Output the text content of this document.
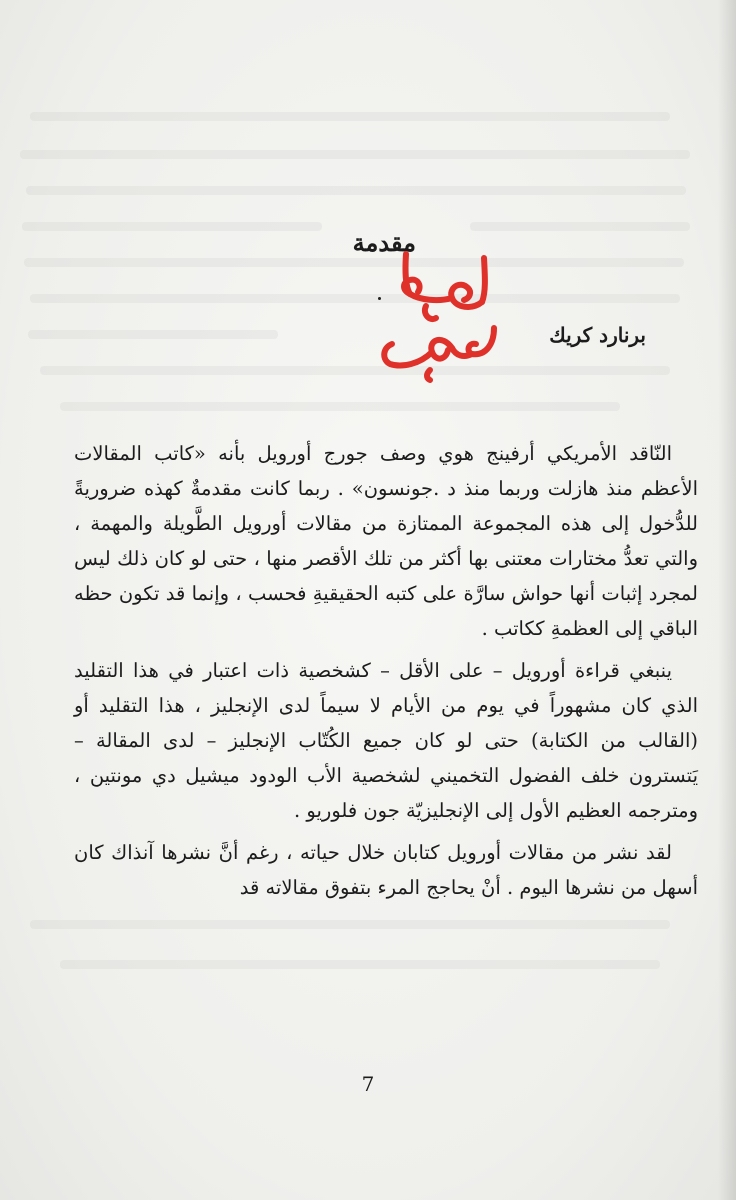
مقدمة
برنارد كريك

النّاقد الأمريكي أرفينج هوي وصف جورج أورويل بأنه «كاتب المقالات الأعظم منذ هازلت وربما منذ د .جونسون» . ربما كانت مقدمةٌ كهذه ضروريةً للدُّخول إلى هذه المجموعة الممتازة من مقالات أورويل الطَّويلة والمهمة ، والتي تعدُّ مختارات معتنى بها أكثر من تلك الأقصر منها ، حتى لو كان ذلك ليس لمجرد إثبات أنها حواش سارَّة على كتبه الحقيقيةِ فحسب ، وإنما قد تكون حظه الباقي إلى العظمةِ ككاتب .

ينبغي قراءة أورويل – على الأقل – كشخصية ذات اعتبار في هذا التقليد الذي كان مشهوراً في يوم من الأيام لا سيماً لدى الإنجليز ، هذا التقليد أو (القالب من الكتابة) حتى لو كان جميع الكُتّاب الإنجليز – لدى المقالة – يَتسترون خلف الفضول التخميني لشخصية الأب الودود ميشيل دي مونتين ، ومترجمه العظيم الأول إلى الإنجليزيّة جون فلوريو .

لقد نشر من مقالات أورويل كتابان خلال حياته ، رغم أنَّ نشرها آنذاك كان أسهل من نشرها اليوم . أنْ يحاجج المرء بتفوق مقالاته قد

7
